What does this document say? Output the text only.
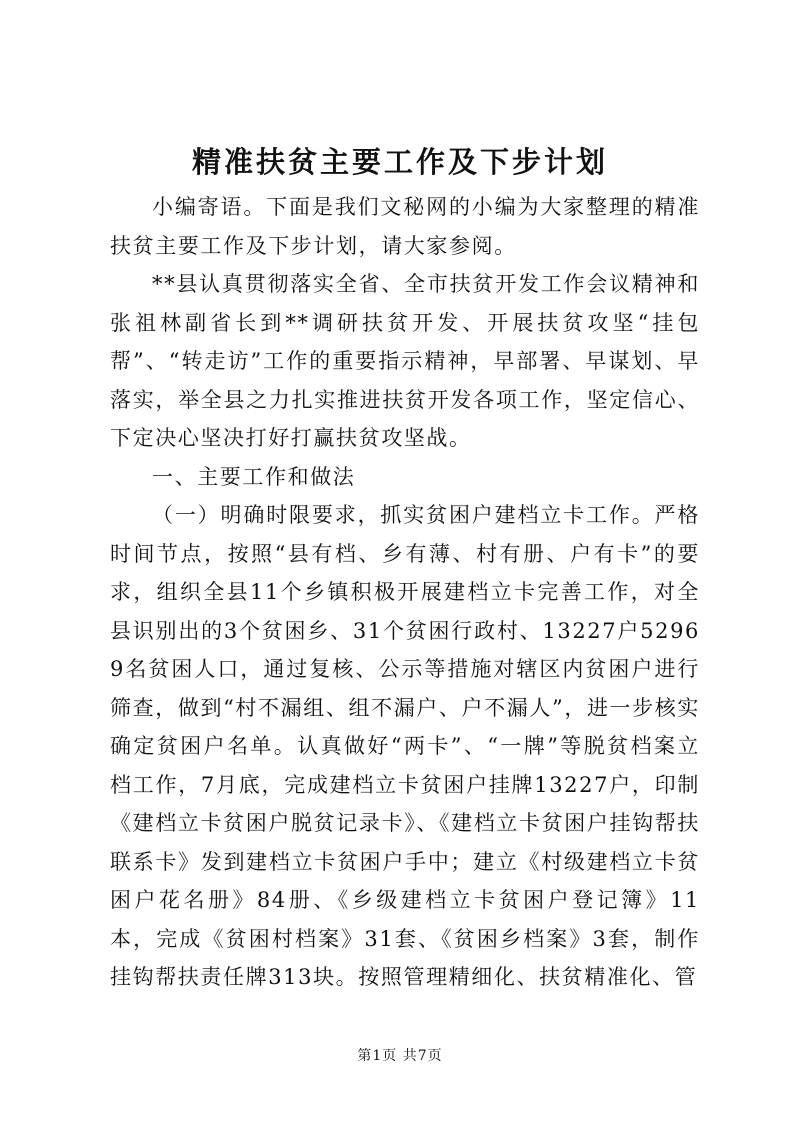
精准扶贫主要工作及下步计划

小编寄语。下面是我们文秘网的小编为大家整理的精准扶贫主要工作及下步计划，请大家参阅。

**县认真贯彻落实全省、全市扶贫开发工作会议精神和张祖林副省长到**调研扶贫开发、开展扶贫攻坚“挂包帮”、“转走访”工作的重要指示精神，早部署、早谋划、早落实，举全县之力扎实推进扶贫开发各项工作，坚定信心、下定决心坚决打好打赢扶贫攻坚战。

一、主要工作和做法

（一）明确时限要求，抓实贫困户建档立卡工作。严格时间节点，按照“县有档、乡有薄、村有册、户有卡”的要求，组织全县11个乡镇积极开展建档立卡完善工作，对全县识别出的3个贫困乡、31个贫困行政村、13227户52969名贫困人口，通过复核、公示等措施对辖区内贫困户进行筛查，做到“村不漏组、组不漏户、户不漏人”，进一步核实确定贫困户名单。认真做好“两卡”、“一牌”等脱贫档案立档工作，7月底，完成建档立卡贫困户挂牌13227户，印制《建档立卡贫困户脱贫记录卡》、《建档立卡贫困户挂钩帮扶联系卡》发到建档立卡贫困户手中；建立《村级建档立卡贫困户花名册》84册、《乡级建档立卡贫困户登记簿》11本，完成《贫困村档案》31套、《贫困乡档案》3套，制作挂钩帮扶责任牌313块。按照管理精细化、扶贫精准化、管

第1页 共7页
